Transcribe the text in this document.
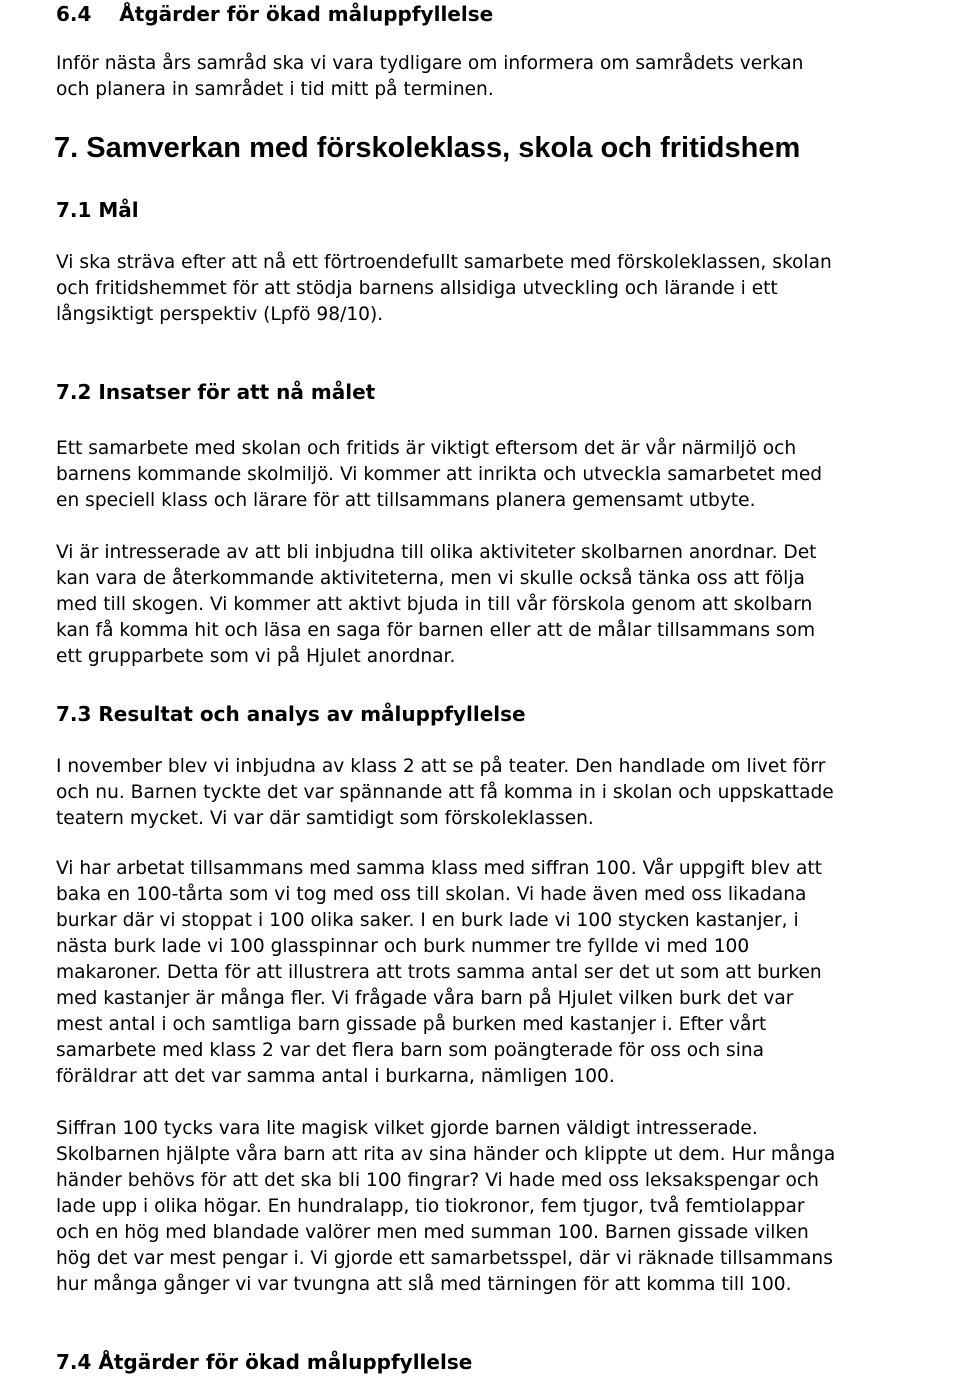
6.4    Åtgärder för ökad måluppfyllelse
Inför nästa års samråd ska vi vara tydligare om informera om samrådets verkan
och planera in samrådet i tid mitt på terminen.
7. Samverkan med förskoleklass, skola och fritidshem
7.1 Mål
Vi ska sträva efter att nå ett förtroendefullt samarbete med förskoleklassen, skolan
och fritidshemmet för att stödja barnens allsidiga utveckling och lärande i ett
långsiktigt perspektiv (Lpfö 98/10).
7.2 Insatser för att nå målet
Ett samarbete med skolan och fritids är viktigt eftersom det är vår närmiljö och
barnens kommande skolmiljö. Vi kommer att inrikta och utveckla samarbetet med
en speciell klass och lärare för att tillsammans planera gemensamt utbyte.
Vi är intresserade av att bli inbjudna till olika aktiviteter skolbarnen anordnar. Det
kan vara de återkommande aktiviteterna, men vi skulle också tänka oss att följa
med till skogen. Vi kommer att aktivt bjuda in till vår förskola genom att skolbarn
kan få komma hit och läsa en saga för barnen eller att de målar tillsammans som
ett grupparbete som vi på Hjulet anordnar.
7.3 Resultat och analys av måluppfyllelse
I november blev vi inbjudna av klass 2 att se på teater. Den handlade om livet förr
och nu. Barnen tyckte det var spännande att få komma in i skolan och uppskattade
teatern mycket. Vi var där samtidigt som förskoleklassen.
Vi har arbetat tillsammans med samma klass med siffran 100. Vår uppgift blev att
baka en 100-tårta som vi tog med oss till skolan. Vi hade även med oss likadana
burkar där vi stoppat i 100 olika saker. I en burk lade vi 100 stycken kastanjer, i
nästa burk lade vi 100 glasspinnar och burk nummer tre fyllde vi med 100
makaroner. Detta för att illustrera att trots samma antal ser det ut som att burken
med kastanjer är många fler. Vi frågade våra barn på Hjulet vilken burk det var
mest antal i och samtliga barn gissade på burken med kastanjer i. Efter vårt
samarbete med klass 2 var det flera barn som poängterade för oss och sina
föräldrar att det var samma antal i burkarna, nämligen 100.
Siffran 100 tycks vara lite magisk vilket gjorde barnen väldigt intresserade.
Skolbarnen hjälpte våra barn att rita av sina händer och klippte ut dem. Hur många
händer behövs för att det ska bli 100 fingrar? Vi hade med oss leksakspengar och
lade upp i olika högar. En hundralapp, tio tiokronor, fem tjugor, två femtiolappar
och en hög med blandade valörer men med summan 100. Barnen gissade vilken
hög det var mest pengar i. Vi gjorde ett samarbetsspel, där vi räknade tillsammans
hur många gånger vi var tvungna att slå med tärningen för att komma till 100.
7.4 Åtgärder för ökad måluppfyllelse
